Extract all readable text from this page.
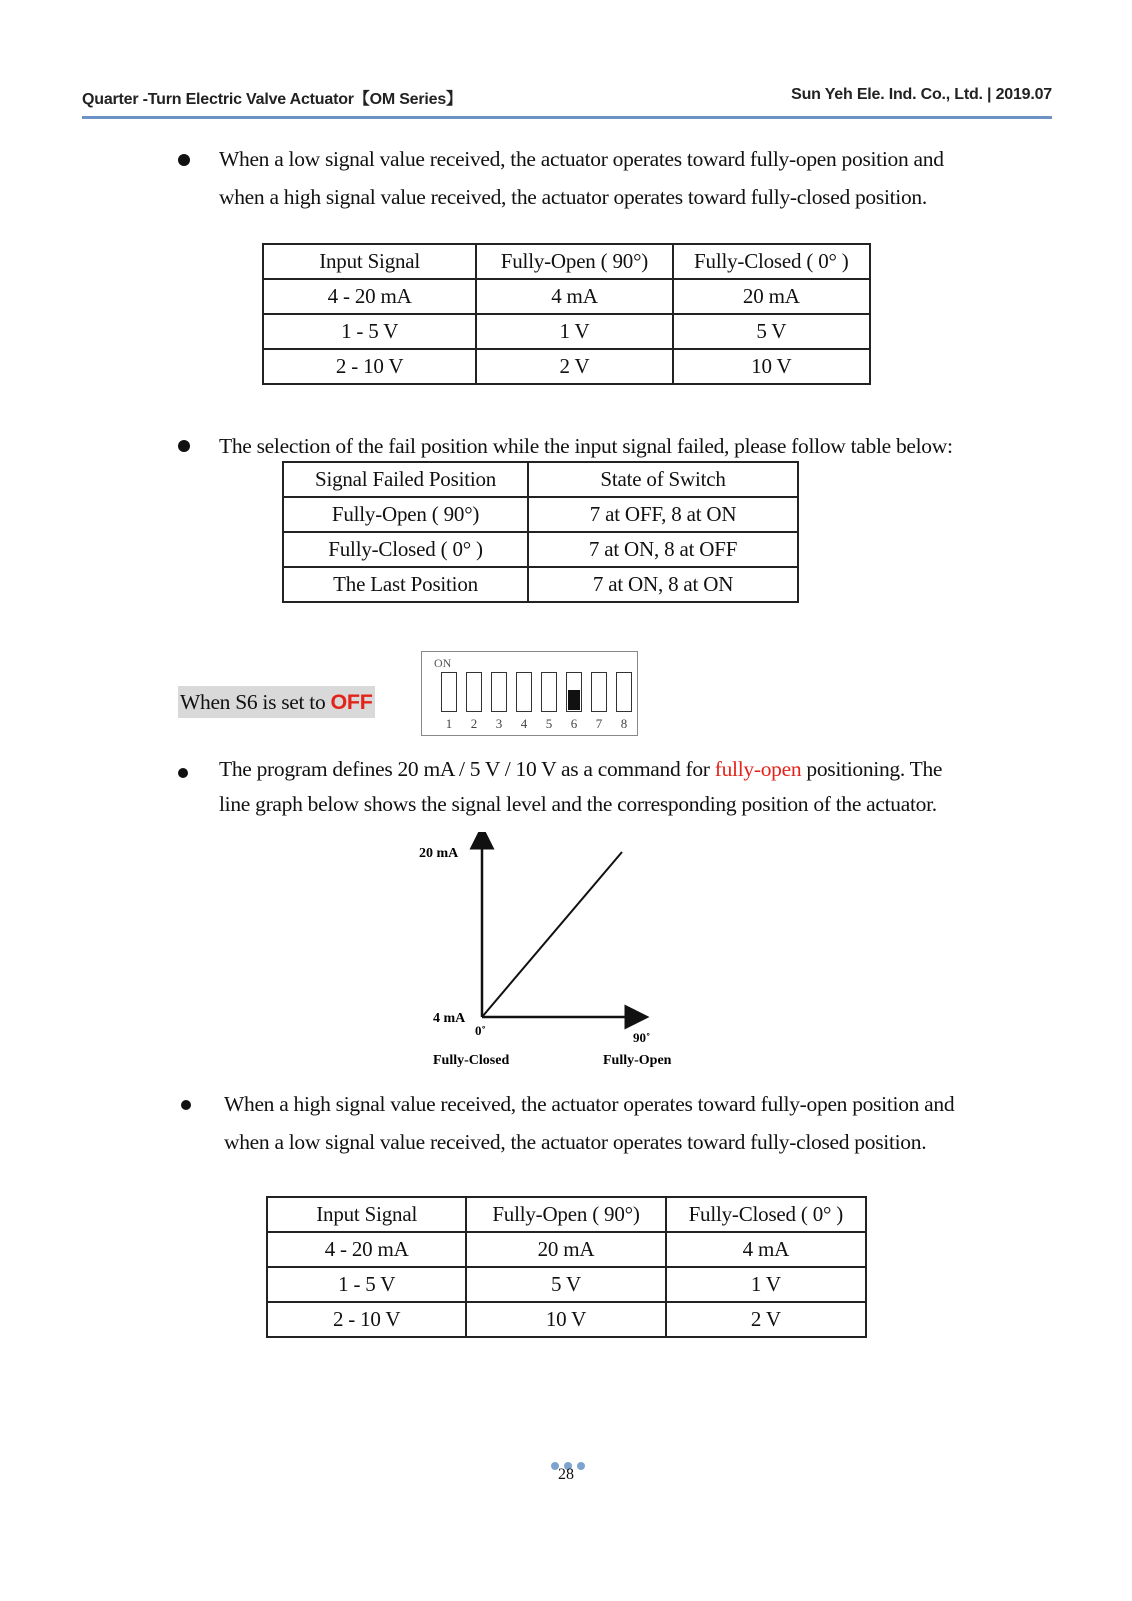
Quarter -Turn Electric Valve Actuator【OM Series】	Sun Yeh Ele. Ind. Co., Ltd. | 2019.07

When a low signal value received, the actuator operates toward fully-open position and

when a high signal value received, the actuator operates toward fully-closed position.

Input Signal	Fully-Open ( 90°)	Fully-Closed ( 0° )
4 - 20 mA	4 mA	20 mA
1 - 5 V	1 V	5 V
2 - 10 V	2 V	10 V

The selection of the fail position while the input signal failed, please follow table below:

Signal Failed Position	State of Switch
Fully-Open ( 90°)	7 at OFF, 8 at ON
Fully-Closed ( 0° )	7 at ON, 8 at OFF
The Last Position	7 at ON, 8 at ON
When S6 is set to OFF
ON
1	2	3	4	5	6	7	8

The program defines 20 mA / 5 V / 10 V as a command for fully-open positioning. The

line graph below shows the signal level and the corresponding position of the actuator.

20 mA
4 mA
0˚	90˚
Fully-Closed	Fully-Open

When a high signal value received, the actuator operates toward fully-open position and

when a low signal value received, the actuator operates toward fully-closed position.

Input Signal	Fully-Open ( 90°)	Fully-Closed ( 0° )
4 - 20 mA	20 mA	4 mA
1 - 5 V	5 V	1 V
2 - 10 V	10 V	2 V
28
